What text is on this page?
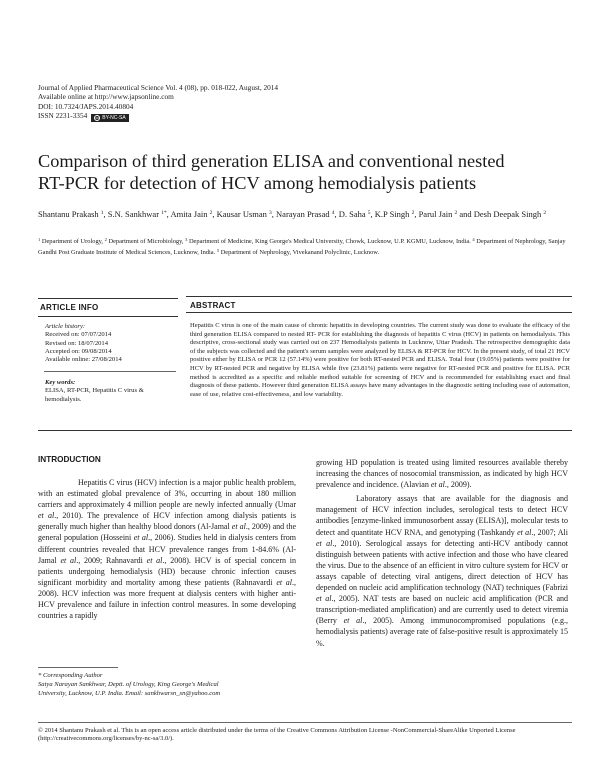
Journal of Applied Pharmaceutical Science Vol. 4 (08), pp. 018-022, August, 2014
Available online at http://www.japsonline.com
DOI: 10.7324/JAPS.2014.40804
ISSN 2231-3354	cc BY-NC-SA
Comparison of third generation ELISA and conventional nested
RT-PCR for detection of HCV among hemodialysis patients
Shantanu Prakash $^1$, S.N. Sankhwar $^{1*}$, Amita Jain $^2$, Kausar Usman $^3$, Narayan Prasad $^4$, D. Saha $^5$, K.P Singh $^2$, Parul Jain $^2$ and Desh Deepak Singh $^2$
$^1$ Department of Urology, $^2$ Department of Microbiology, $^3$ Department of Medicine, King George's Medical University, Chowk, Lucknow, U.P. KGMU, Lucknow, India. $^4$ Department of Nephrology, Sanjay Gandhi Post Graduate Institute of Medical Sciences, Lucknow, India. $^5$ Department of Nephrology, Vivekanand Polyclinic, Lucknow.
ARTICLE INFO	ABSTRACT
Article history:
Received on: 07/07/2014
Revised on: 18/07/2014
Accepted on: 09/08/2014
Available online: 27/08/2014
Key words:
ELISA, RT-PCR, Hepatitis C virus & hemodialysis.
Hepatitis C virus is one of the main cause of chronic hepatitis in developing countries. The current study was done to evaluate the efficacy of the third generation ELISA compared to nested RT- PCR for establishing the diagnosis of hepatitis C virus (HCV) in patients on hemodialysis. This descriptive, cross-sectional study was carried out on 237 Hemodialysis patients in Lucknow, Uttar Pradesh. The retrospective demographic data of the subjects was collected and the patient's serum samples were analyzed by ELISA & RT-PCR for HCV. In the present study, of total 21 HCV positive either by ELISA or PCR 12 (57.14%) were positive for both RT-nested PCR and ELISA. Total four (19.05%) patients were positive for HCV by RT-nested PCR and negative by ELISA while five (23.81%) patients were negative for RT-nested PCR and positive for ELISA. PCR method is accredited as a specific and reliable method suitable for screening of HCV and is recommended for establishing exact and final diagnosis of these patients. However third generation ELISA assays have many advantages in the diagnostic setting including ease of automation, ease of use, relative cost-effectiveness, and low variability.
INTRODUCTION
Hepatitis C virus (HCV) infection is a major public health problem, with an estimated global prevalence of 3%, occurring in about 180 million carriers and approximately 4 million people are newly infected annually (Umar et al., 2010). The prevalence of HCV infection among dialysis patients is generally much higher than healthy blood donors (Al-Jamal et al., 2009) and the general population (Hosseini et al., 2006). Studies held in dialysis centers from different countries revealed that HCV prevalence ranges from 1-84.6% (Al-Jamal et al., 2009; Rahnavardi et al., 2008). HCV is of special concern in patients undergoing hemodialysis (HD) because chronic infection causes significant morbidity and mortality among these patients (Rahnavardi et al., 2008). HCV infection was more frequent at dialysis centers with higher anti-HCV prevalence and failure in infection control measures. In some developing countries a rapidly
growing HD population is treated using limited resources available thereby increasing the chances of nosocomial transmission, as indicated by high HCV prevalence and incidence. (Alavian et al., 2009).
Laboratory assays that are available for the diagnosis and management of HCV infection includes, serological tests to detect HCV antibodies [enzyme-linked immunosorbent assay (ELISA)], molecular tests to detect and quantitate HCV RNA, and genotyping (Tashkandy et al., 2007; Ali et al., 2010). Serological assays for detecting anti-HCV antibody cannot distinguish between patients with active infection and those who have cleared the virus. Due to the absence of an efficient in vitro culture system for HCV or assays capable of detecting viral antigens, direct detection of HCV has depended on nucleic acid amplification technology (NAT) techniques (Fabrizi et al., 2005). NAT tests are based on nucleic acid amplification (PCR and transcription-mediated amplification) and are currently used to detect viremia (Berry et al., 2005). Among immunocompromised populations (e.g., hemodialysis patients) average rate of false-positive result is approximately 15 %.
* Corresponding Author
Satya Narayan Sankhwar, Deptt. of Urology, King George's Medical
University, Lucknow, U.P. India. Email: sankhwarsn_sn@yahoo.com
© 2014 Shantanu Prakash et al. This is an open access article distributed under the terms of the Creative Commons Attribution License -NonCommercial-ShareAlike Unported License (http://creativecommons.org/licenses/by-nc-sa/3.0/).
